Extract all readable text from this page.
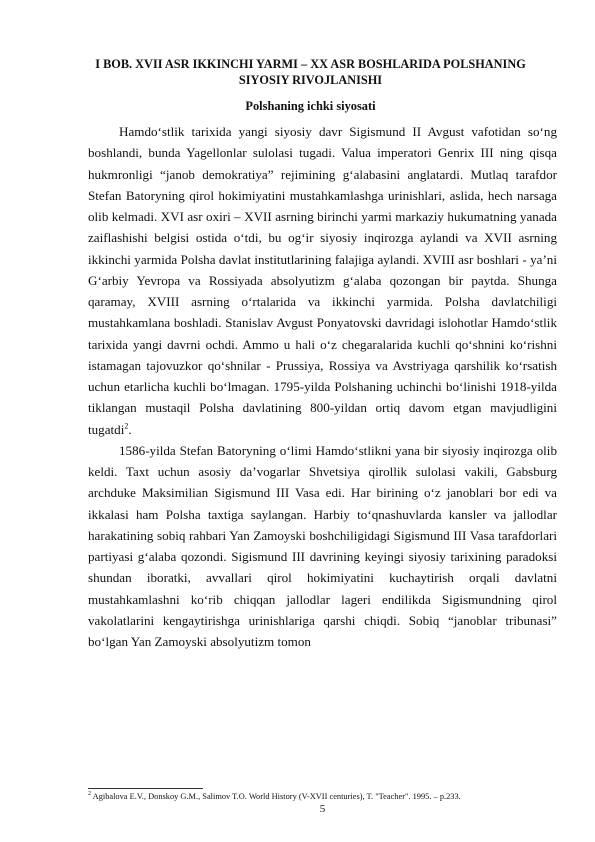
I BOB. XVII ASR IKKINCHI YARMI – XX ASR BOSHLARIDA POLSHANING SIYOSIY RIVOJLANISHI
Polshaning ichki siyosati

Hamdo‘stlik tarixida yangi siyosiy davr Sigismund II Avgust vafotidan so‘ng boshlandi, bunda Yagellonlar sulolasi tugadi. Valua imperatori Genrix III ning qisqa hukmronligi “janob demokratiya” rejimining g‘alabasini anglatardi. Mutlaq tarafdor Stefan Batoryning qirol hokimiyatini mustahkamlashga urinishlari, aslida, hech narsaga olib kelmadi. XVI asr oxiri – XVII asrning birinchi yarmi markaziy hukumatning yanada zaiflashishi belgisi ostida o‘tdi, bu og‘ir siyosiy inqirozga aylandi va XVII asrning ikkinchi yarmida Polsha davlat institutlarining falajiga aylandi. XVIII asr boshlari - ya’ni G‘arbiy Yevropa va Rossiyada absolyutizm g‘alaba qozongan bir paytda. Shunga qaramay, XVIII asrning o‘rtalarida va ikkinchi yarmida. Polsha davlatchiligi mustahkamlana boshladi. Stanislav Avgust Ponyatovski davridagi islohotlar Hamdo‘stlik tarixida yangi davrni ochdi. Ammo u hali o‘z chegaralarida kuchli qo‘shnini ko‘rishni istamagan tajovuzkor qo‘shnilar - Prussiya, Rossiya va Avstriyaga qarshilik ko‘rsatish uchun etarlicha kuchli bo‘lmagan. 1795-yilda Polshaning uchinchi bo‘linishi 1918-yilda tiklangan mustaqil Polsha davlatining 800-yildan ortiq davom etgan mavjudligini tugatdi$^2$.

1586-yilda Stefan Batoryning o‘limi Hamdo‘stlikni yana bir siyosiy inqirozga olib keldi. Taxt uchun asosiy da’vogarlar Shvetsiya qirollik sulolasi vakili, Gabsburg archduke Maksimilian Sigismund III Vasa edi. Har birining o‘z janoblari bor edi va ikkalasi ham Polsha taxtiga saylangan. Harbiy to‘qnashuvlarda kansler va jallodlar harakatining sobiq rahbari Yan Zamoyski boshchiligidagi Sigismund III Vasa tarafdorlari partiyasi g‘alaba qozondi. Sigismund III davrining keyingi siyosiy tarixining paradoksi shundan iboratki, avvallari qirol hokimiyatini kuchaytirish orqali davlatni mustahkamlashni ko‘rib chiqqan jallodlar lageri endilikda Sigismundning qirol vakolatlarini kengaytirishga urinishlariga qarshi chiqdi. Sobiq “janoblar tribunasi” bo‘lgan Yan Zamoyski absolyutizm tomon

$^2$ Agibalova E.V., Donskoy G.M., Salimov T.O. World History (V-XVII centuries), T. "Teacher". 1995. – p.233.
5
